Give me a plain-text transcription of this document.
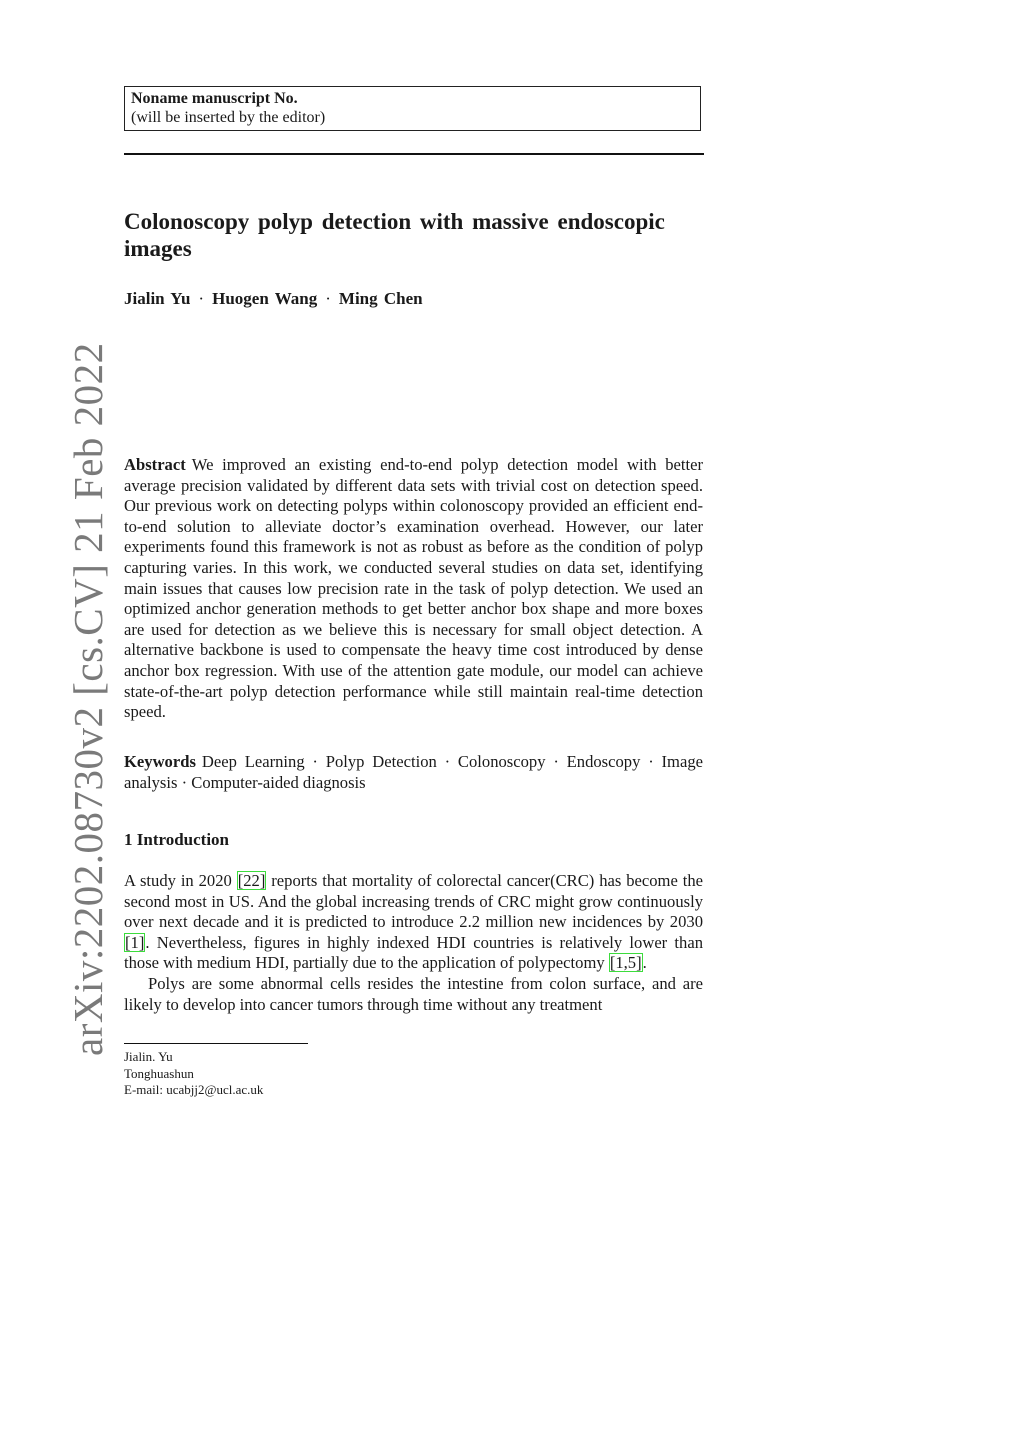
arXiv:2202.08730v2 [cs.CV] 21 Feb 2022
Noname manuscript No.
(will be inserted by the editor)
Colonoscopy polyp detection with massive endoscopic images
Jialin Yu · Huogen Wang · Ming Chen
Abstract We improved an existing end-to-end polyp detection model with better average precision validated by different data sets with trivial cost on detection speed. Our previous work on detecting polyps within colonoscopy provided an efficient end-to-end solution to alleviate doctor’s examination overhead. However, our later experiments found this framework is not as robust as before as the condition of polyp capturing varies. In this work, we conducted several studies on data set, identifying main issues that causes low precision rate in the task of polyp detection. We used an optimized anchor generation methods to get better anchor box shape and more boxes are used for detection as we believe this is necessary for small object detection. A alternative backbone is used to compensate the heavy time cost introduced by dense anchor box regression. With use of the attention gate module, our model can achieve state-of-the-art polyp detection performance while still maintain real-time detection speed.
Keywords Deep Learning · Polyp Detection · Colonoscopy · Endoscopy · Image analysis · Computer-aided diagnosis
1 Introduction

A study in 2020 [22] reports that mortality of colorectal cancer(CRC) has become the second most in US. And the global increasing trends of CRC might grow continuously over next decade and it is predicted to introduce 2.2 million new incidences by 2030 [1]. Nevertheless, figures in highly indexed HDI countries is relatively lower than those with medium HDI, partially due to the application of polypectomy [1,5].

Polys are some abnormal cells resides the intestine from colon surface, and are likely to develop into cancer tumors through time without any treatment

Jialin. Yu
Tonghuashun
E-mail: ucabjj2@ucl.ac.uk
